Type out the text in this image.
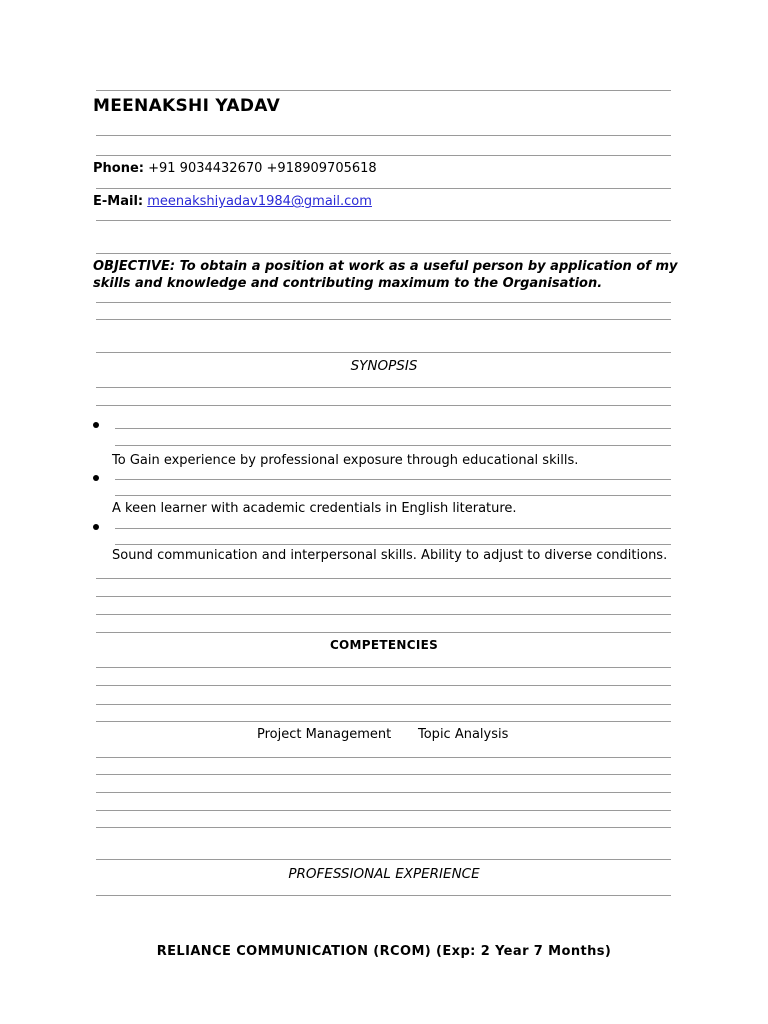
MEENAKSHI YADAV
Phone: +91 9034432670 +918909705618
E-Mail: meenakshiyadav1984@gmail.com
OBJECTIVE: To obtain a position at work as a useful person by application of my skills and knowledge and contributing maximum to the Organisation.
SYNOPSIS
To Gain experience by professional exposure through educational skills.
A keen learner with academic credentials in English literature.
Sound communication and interpersonal skills. Ability to adjust to diverse conditions.
COMPETENCIES
Project Management Topic Analysis
PROFESSIONAL EXPERIENCE
RELIANCE COMMUNICATION (RCOM) (Exp: 2 Year 7 Months)
